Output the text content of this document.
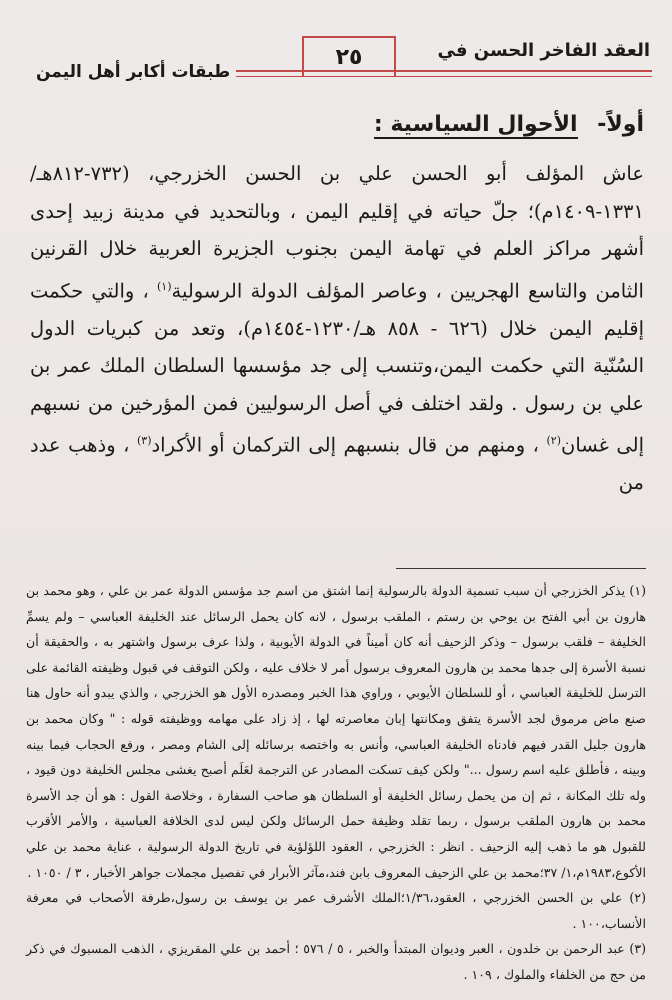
العقد الفاخر الحسن في
٢٥
طبقات أكابر أهل اليمن
أولاً- الأحوال السياسية :

عاش المؤلف أبو الحسن علي بن الحسن الخزرجي، (٧٣٢-٨١٢هـ/١٣٣١-١٤٠٩م)؛ جلّ حياته في إقليم اليمن ، وبالتحديد في مدينة زبيد إحدى أشهر مراكز العلم في تهامة اليمن بجنوب الجزيرة العربية خلال القرنين الثامن والتاسع الهجريين ، وعاصر المؤلف الدولة الرسولية$^{(١)}$ ، والتي حكمت إقليم اليمن خلال (٦٢٦ - ٨٥٨ هـ/١٢٣٠-١٤٥٤م)، وتعد من كبريات الدول السُنّية التي حكمت اليمن،وتنسب إلى جد مؤسسها السلطان الملك عمر بن علي بن رسول . ولقد اختلف في أصل الرسوليين فمن المؤرخين من نسبهم إلى غسان$^{(٢)}$ ، ومنهم من قال بنسبهم إلى التركمان أو الأكراد$^{(٣)}$ ، وذهب عدد من

(١) يذكر الخزرجي أن سبب تسمية الدولة بالرسولية إنما اشتق من اسم جد مؤسس الدولة عمر بن علي ، وهو محمد بن هارون بن أبي الفتح بن يوحي بن رستم ، الملقب برسول ، لانه كان يحمل الرسائل عند الخليفة العباسي – ولم يسمِّ الخليفة – فلقب برسول – وذكر الزحيف أنه كان أميناً في الدولة الأيوبية ، ولذا عرف برسول واشتهر به ، والحقيقة أن نسبة الأسرة إلى جدها محمد بن هارون المعروف برسول أمر لا خلاف عليه ، ولكن التوقف في قبول وظيفته القائمة على الترسل للخليفة العباسي ، أو للسلطان الأيوبي ، وراوي هذا الخبر ومصدره الأول هو الخزرجي ، والذي يبدو أنه حاول هنا صنع ماض مرموق لجد الأسرة يتفق ومكانتها إبان معاصرته لها ، إذ زاد على مهامه ووظيفته قوله : " وكان محمد بن هارون جليل القدر فيهم فادناه الخليفة العباسي، وأنس به واختصه برسائله إلى الشام ومصر ، ورفع الحجاب فيما بينه وبينه ، فأطلق عليه اسم رسول ..." ولكن كيف تسكت المصادر عن الترجمة لعَلَم أصبح يغشى مجلس الخليفة دون قيود ، وله تلك المكانة ، ثم إن من يحمل رسائل الخليفة أو السلطان هو صاحب السفارة ، وخلاصة القول : هو أن جد الأسرة محمد بن هارون الملقب برسول ، ربما تقلد وظيفة حمل الرسائل ولكن ليس لدى الخلافة العباسية ، والأمر الأقرب للقبول هو ما ذهب إليه الزحيف . انظر : الخزرجي ، العقود اللؤلؤية في تاريخ الدولة الرسولية ، عناية محمد بن علي الأكوع،١٩٨٣م،١/ ٣٧؛محمد بن علي الزحيف المعروف بابن فند،مآثر الأبرار في تفصيل مجملات جواهر الأخبار ، ٣ / ١٠٥٠ .

(٢) علي بن الحسن الخزرجي ، العقود،١/٣٦؛الملك الأشرف عمر بن يوسف بن رسول،طرفة الأصحاب في معرفة الأنساب،١٠٠ .

(٣) عبد الرحمن بن خلدون ، العبر وديوان المبتدأ والخبر ، ٥ / ٥٧٦ ؛ أحمد بن علي المقريزي ، الذهب المسبوك في ذكر من حج من الخلفاء والملوك ، ١٠٩ .
